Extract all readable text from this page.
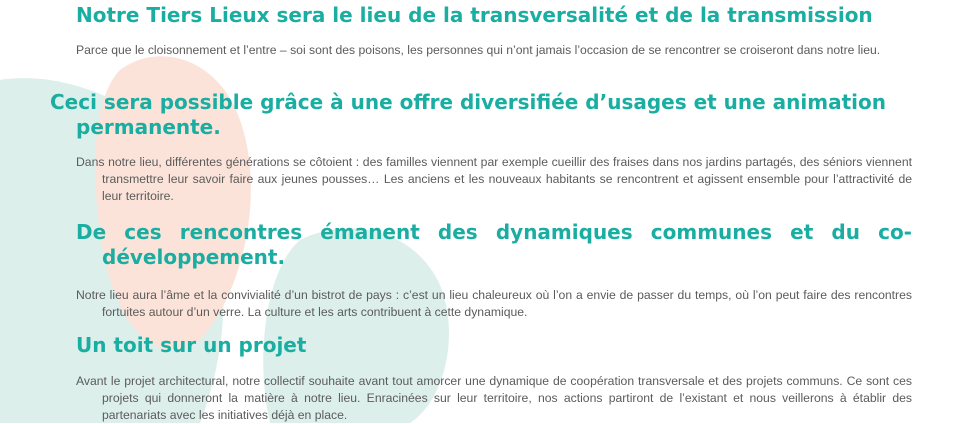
Notre Tiers Lieux sera le lieu de la transversalité et de la transmission

Parce que le cloisonnement et l’entre – soi sont des poisons, les personnes qui n’ont jamais l’occasion de se rencontrer se croiseront dans notre lieu.

Ceci sera possible grâce à une offre diversifiée d’usages et une animation permanente.

Dans notre lieu, différentes générations se côtoient : des familles viennent par exemple cueillir des fraises dans nos jardins partagés, des séniors viennent transmettre leur savoir faire aux jeunes pousses… Les anciens et les nouveaux habitants se rencontrent et agissent ensemble pour l’attractivité de leur territoire.

De ces rencontres émanent des dynamiques communes et du co-développement.

Notre lieu aura l’âme et la convivialité d’un bistrot de pays : c’est un lieu chaleureux où l’on a envie de passer du temps, où l’on peut faire des rencontres fortuites autour d’un verre. La culture et les arts contribuent à cette dynamique.

Un toit sur un projet

Avant le projet architectural, notre collectif souhaite avant tout amorcer une dynamique de coopération transversale et des projets communs. Ce sont ces projets qui donneront la matière à notre lieu. Enracinées sur leur territoire, nos actions partiront de l’existant et nous veillerons à établir des partenariats avec les initiatives déjà en place.
